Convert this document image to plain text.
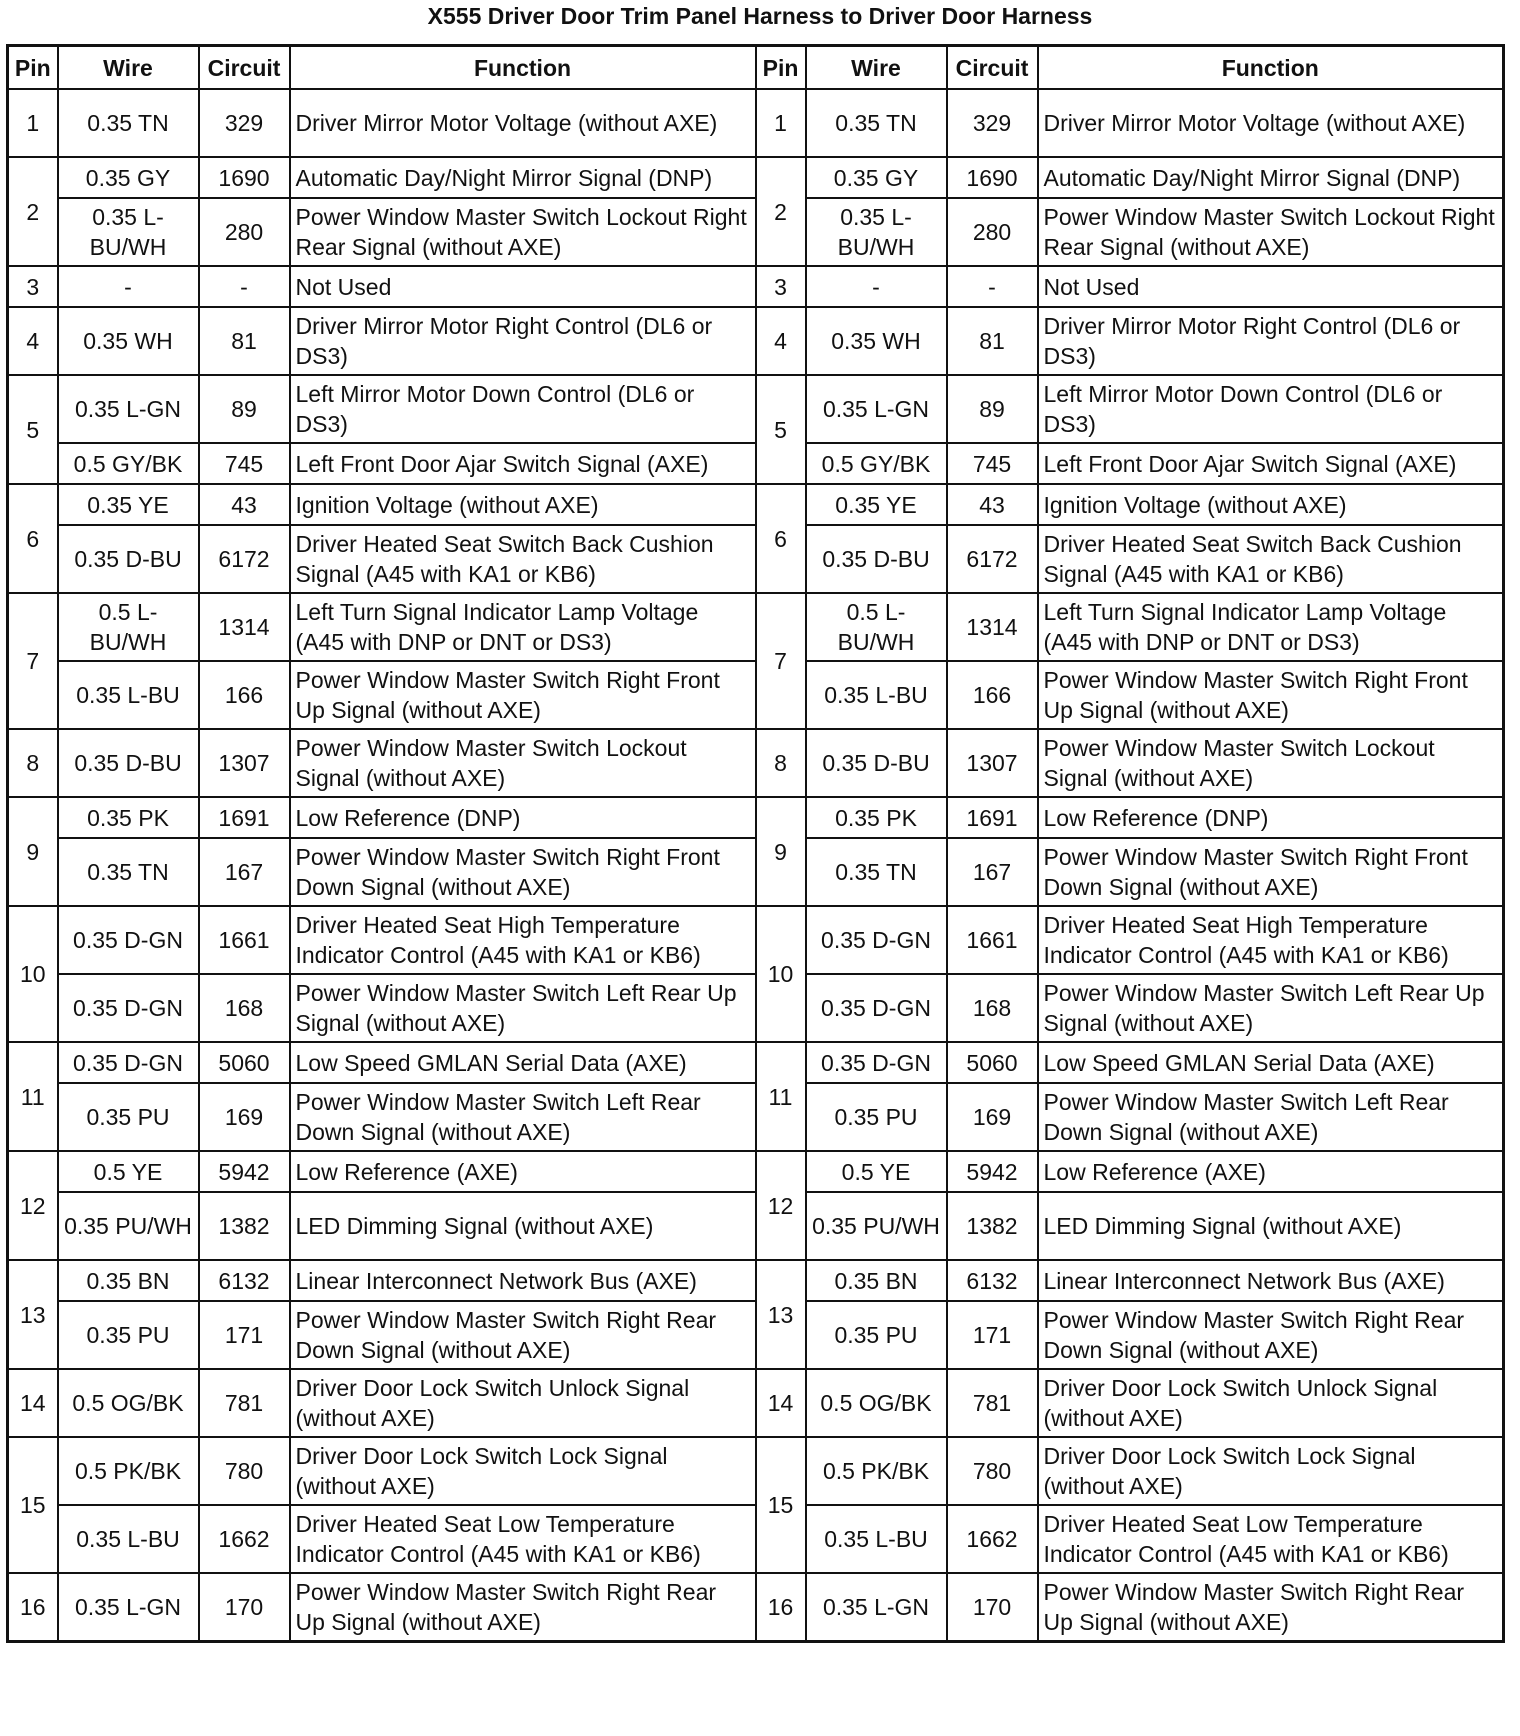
X555 Driver Door Trim Panel Harness to Driver Door Harness
Pin	Wire	Circuit	Function	Pin	Wire	Circuit	Function
1	0.35 TN	329	Driver Mirror Motor Voltage (without AXE)	1	0.35 TN	329	Driver Mirror Motor Voltage (without AXE)
2	0.35 GY	1690	Automatic Day/Night Mirror Signal (DNP)	2	0.35 GY	1690	Automatic Day/Night Mirror Signal (DNP)
	0.35 L-BU/WH	280	Power Window Master Switch Lockout Right Rear Signal (without AXE)		0.35 L-BU/WH	280	Power Window Master Switch Lockout Right Rear Signal (without AXE)
3	-	-	Not Used	3	-	-	Not Used
4	0.35 WH	81	Driver Mirror Motor Right Control (DL6 or DS3)	4	0.35 WH	81	Driver Mirror Motor Right Control (DL6 or DS3)
5	0.35 L-GN	89	Left Mirror Motor Down Control (DL6 or DS3)	5	0.35 L-GN	89	Left Mirror Motor Down Control (DL6 or DS3)
	0.5 GY/BK	745	Left Front Door Ajar Switch Signal (AXE)		0.5 GY/BK	745	Left Front Door Ajar Switch Signal (AXE)
6	0.35 YE	43	Ignition Voltage (without AXE)	6	0.35 YE	43	Ignition Voltage (without AXE)
	0.35 D-BU	6172	Driver Heated Seat Switch Back Cushion Signal (A45 with KA1 or KB6)		0.35 D-BU	6172	Driver Heated Seat Switch Back Cushion Signal (A45 with KA1 or KB6)
7	0.5 L-BU/WH	1314	Left Turn Signal Indicator Lamp Voltage (A45 with DNP or DNT or DS3)	7	0.5 L-BU/WH	1314	Left Turn Signal Indicator Lamp Voltage (A45 with DNP or DNT or DS3)
	0.35 L-BU	166	Power Window Master Switch Right Front Up Signal (without AXE)		0.35 L-BU	166	Power Window Master Switch Right Front Up Signal (without AXE)
8	0.35 D-BU	1307	Power Window Master Switch Lockout Signal (without AXE)	8	0.35 D-BU	1307	Power Window Master Switch Lockout Signal (without AXE)
9	0.35 PK	1691	Low Reference (DNP)	9	0.35 PK	1691	Low Reference (DNP)
	0.35 TN	167	Power Window Master Switch Right Front Down Signal (without AXE)		0.35 TN	167	Power Window Master Switch Right Front Down Signal (without AXE)
10	0.35 D-GN	1661	Driver Heated Seat High Temperature Indicator Control (A45 with KA1 or KB6)	10	0.35 D-GN	1661	Driver Heated Seat High Temperature Indicator Control (A45 with KA1 or KB6)
	0.35 D-GN	168	Power Window Master Switch Left Rear Up Signal (without AXE)		0.35 D-GN	168	Power Window Master Switch Left Rear Up Signal (without AXE)
11	0.35 D-GN	5060	Low Speed GMLAN Serial Data (AXE)	11	0.35 D-GN	5060	Low Speed GMLAN Serial Data (AXE)
	0.35 PU	169	Power Window Master Switch Left Rear Down Signal (without AXE)		0.35 PU	169	Power Window Master Switch Left Rear Down Signal (without AXE)
12	0.5 YE	5942	Low Reference (AXE)	12	0.5 YE	5942	Low Reference (AXE)
	0.35 PU/WH	1382	LED Dimming Signal (without AXE)		0.35 PU/WH	1382	LED Dimming Signal (without AXE)
13	0.35 BN	6132	Linear Interconnect Network Bus (AXE)	13	0.35 BN	6132	Linear Interconnect Network Bus (AXE)
	0.35 PU	171	Power Window Master Switch Right Rear Down Signal (without AXE)		0.35 PU	171	Power Window Master Switch Right Rear Down Signal (without AXE)
14	0.5 OG/BK	781	Driver Door Lock Switch Unlock Signal (without AXE)	14	0.5 OG/BK	781	Driver Door Lock Switch Unlock Signal (without AXE)
15	0.5 PK/BK	780	Driver Door Lock Switch Lock Signal (without AXE)	15	0.5 PK/BK	780	Driver Door Lock Switch Lock Signal (without AXE)
	0.35 L-BU	1662	Driver Heated Seat Low Temperature Indicator Control (A45 with KA1 or KB6)		0.35 L-BU	1662	Driver Heated Seat Low Temperature Indicator Control (A45 with KA1 or KB6)
16	0.35 L-GN	170	Power Window Master Switch Right Rear Up Signal (without AXE)	16	0.35 L-GN	170	Power Window Master Switch Right Rear Up Signal (without AXE)
